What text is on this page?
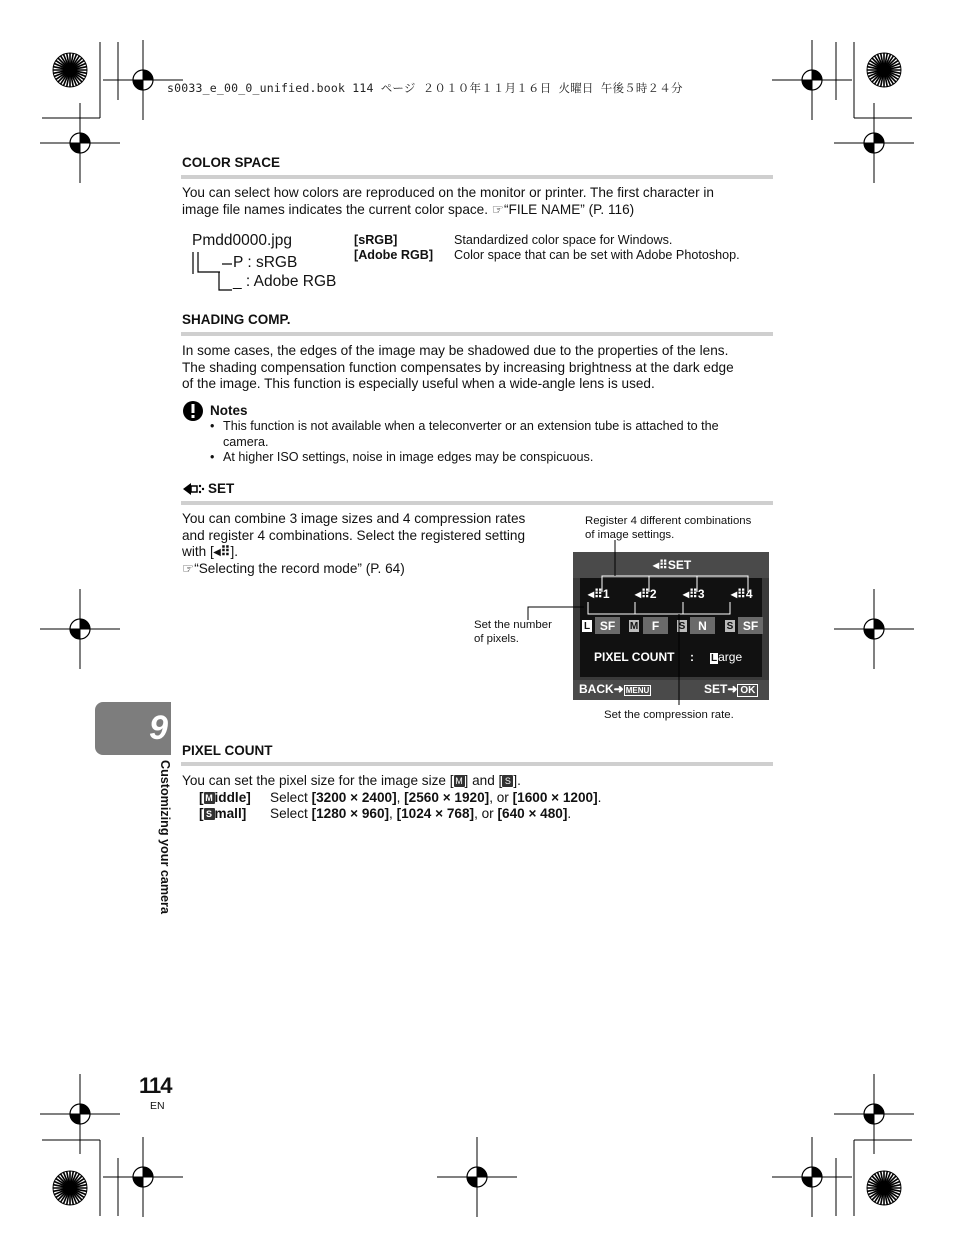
s0033_e_00_0_unified.book 114 ページ ２０１０年１１月１６日 火曜日 午後５時２４分
COLOR SPACE
You can select how colors are reproduced on the monitor or printer. The first character in
image file names indicates the current color space. ☞“FILE NAME” (P. 116)
Pmdd0000.jpg
P : sRGB
_ : Adobe RGB
[sRGB]	Standardized color space for Windows.
[Adobe RGB] Color space that can be set with Adobe Photoshop.
SHADING COMP.
In some cases, the edges of the image may be shadowed due to the properties of the lens.
The shading compensation function compensates by increasing brightness at the dark edge
of the image. This function is especially useful when a wide-angle lens is used.
Notes
• This function is not available when a teleconverter or an extension tube is attached to the
camera.
• At higher ISO settings, noise in image edges may be conspicuous.
SET
You can combine 3 image sizes and 4 compression rates
and register 4 combinations. Select the registered setting
with [◂⠿].
☞“Selecting the record mode” (P. 64)
Register 4 different combinations
of image settings.
Set the number
of pixels.
Set the compression rate.
◂⠿SET
◂⠿1 ◂⠿2 ◂⠿3 ◂⠿4
L SF	M	F	S	N	S SF
PIXEL COUNT : Large
BACK➜ MENU	SET➜ OK
PIXEL COUNT
You can set the pixel size for the image size [ M ] and [ S ].
[ M iddle] Select [3200 × 2400], [2560 × 1920], or [1600 × 1200].
[ S mall] Select [1280 × 960], [1024 × 768], or [640 × 480].
9
Customizing your camera
114
EN
